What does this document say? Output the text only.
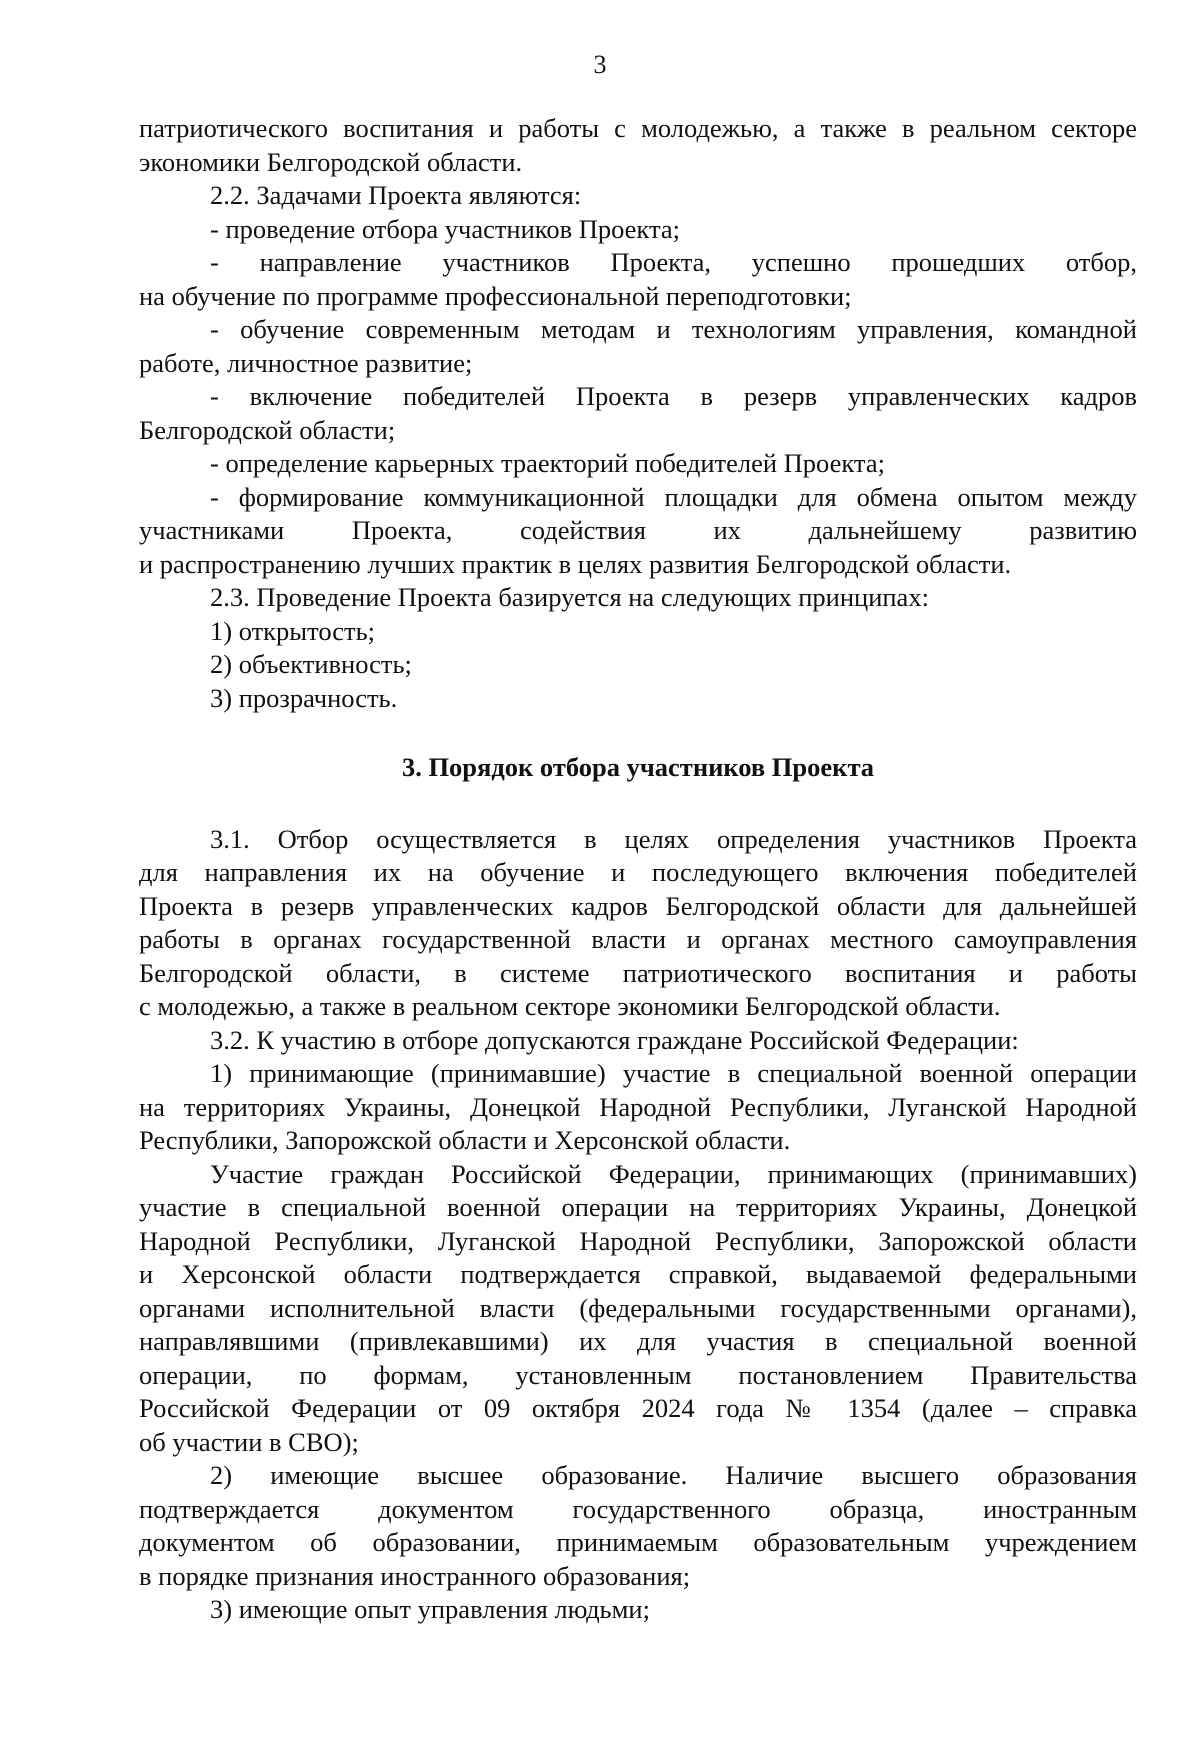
3
патриотического воспитания и работы с молодежью, а также в реальном секторе
экономики Белгородской области.
2.2. Задачами Проекта являются:
- проведение отбора участников Проекта;
- направление участников Проекта, успешно прошедших отбор,
на обучение по программе профессиональной переподготовки;
- обучение современным методам и технологиям управления, командной
работе, личностное развитие;
- включение победителей Проекта в резерв управленческих кадров
Белгородской области;
- определение карьерных траекторий победителей Проекта;
- формирование коммуникационной площадки для обмена опытом между
участниками Проекта, содействия их дальнейшему развитию
и распространению лучших практик в целях развития Белгородской области.
2.3. Проведение Проекта базируется на следующих принципах:
1) открытость;
2) объективность;
3) прозрачность.
3. Порядок отбора участников Проекта
3.1. Отбор осуществляется в целях определения участников Проекта
для направления их на обучение и последующего включения победителей
Проекта в резерв управленческих кадров Белгородской области для дальнейшей
работы в органах государственной власти и органах местного самоуправления
Белгородской области, в системе патриотического воспитания и работы
с молодежью, а также в реальном секторе экономики Белгородской области.
3.2. К участию в отборе допускаются граждане Российской Федерации:
1) принимающие (принимавшие) участие в специальной военной операции
на территориях Украины, Донецкой Народной Республики, Луганской Народной
Республики, Запорожской области и Херсонской области.
Участие граждан Российской Федерации, принимающих (принимавших)
участие в специальной военной операции на территориях Украины, Донецкой
Народной Республики, Луганской Народной Республики, Запорожской области
и Херсонской области подтверждается справкой, выдаваемой федеральными
органами исполнительной власти (федеральными государственными органами),
направлявшими (привлекавшими) их для участия в специальной военной
операции, по формам, установленным постановлением Правительства
Российской Федерации от 09 октября 2024 года № 1354 (далее – справка
об участии в СВО);
2) имеющие высшее образование. Наличие высшего образования
подтверждается документом государственного образца, иностранным
документом об образовании, принимаемым образовательным учреждением
в порядке признания иностранного образования;
3) имеющие опыт управления людьми;
